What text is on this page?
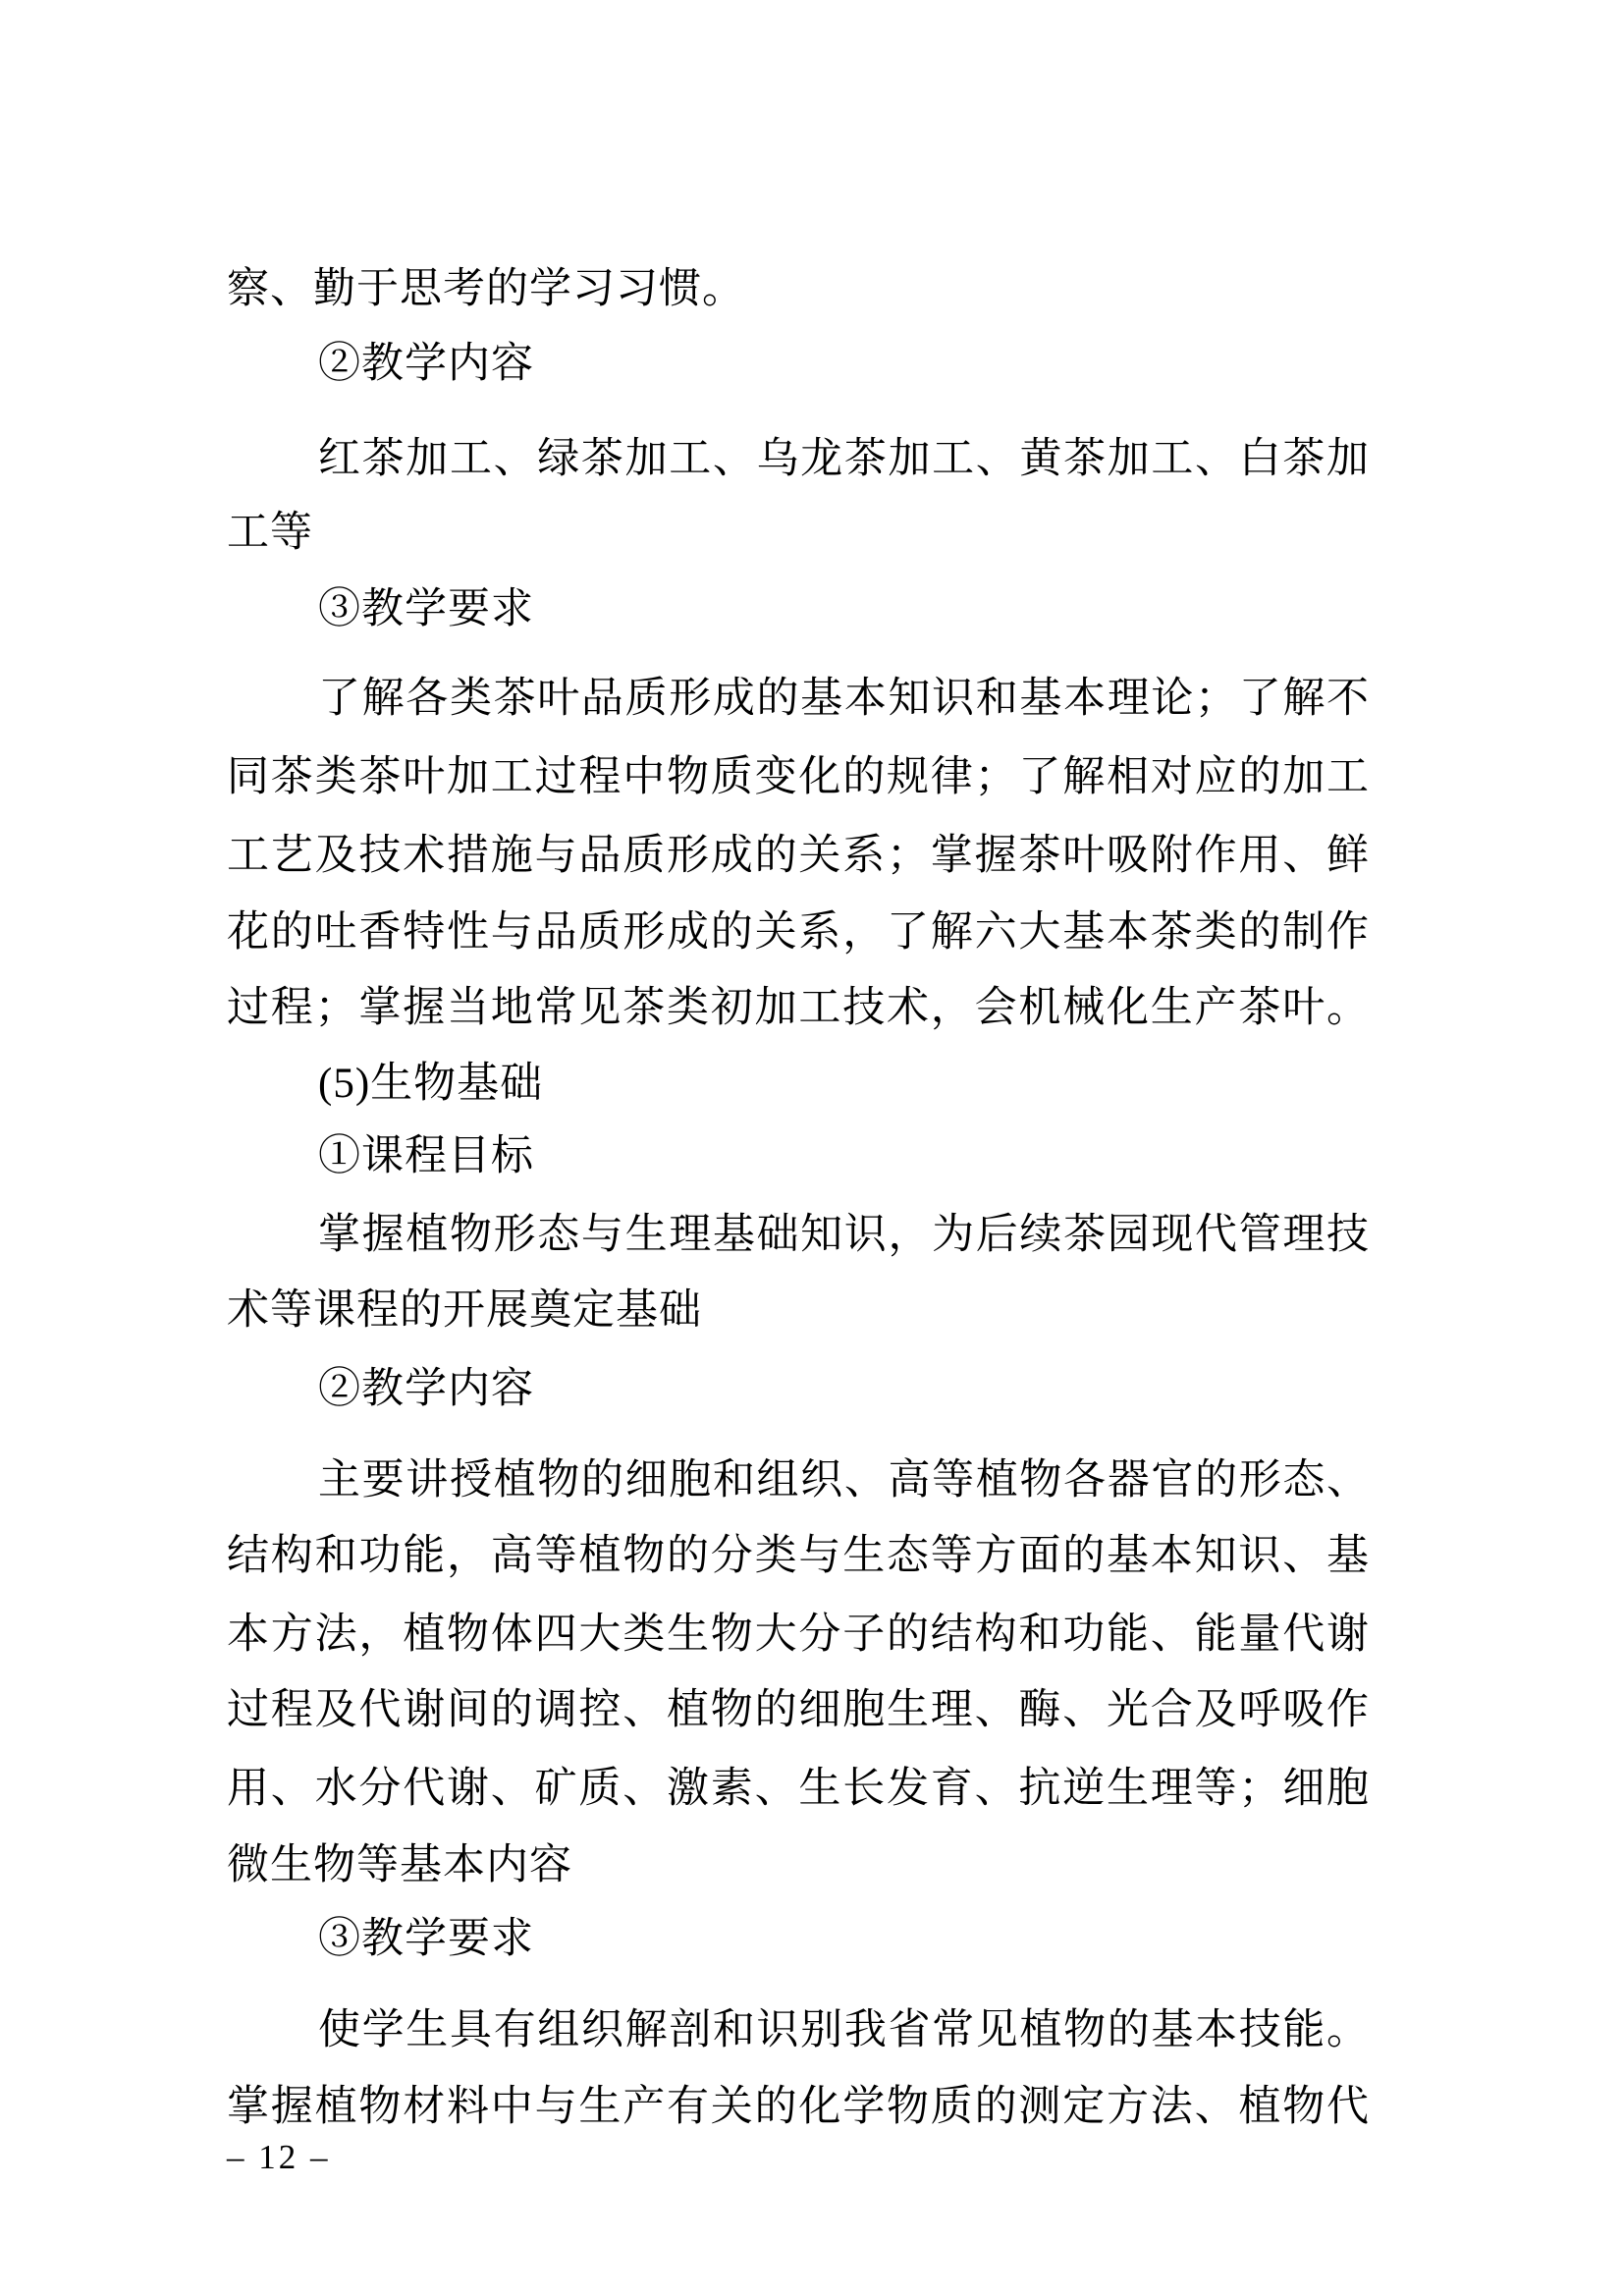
察、勤于思考的学习习惯。

②教学内容

红茶加工、绿茶加工、乌龙茶加工、黄茶加工、白茶加

工等

③教学要求

了解各类茶叶品质形成的基本知识和基本理论；了解不

同茶类茶叶加工过程中物质变化的规律；了解相对应的加工

工艺及技术措施与品质形成的关系；掌握茶叶吸附作用、鲜

花的吐香特性与品质形成的关系，了解六大基本茶类的制作

过程；掌握当地常见茶类初加工技术，会机械化生产茶叶。

(5)生物基础

①课程目标

掌握植物形态与生理基础知识，为后续茶园现代管理技

术等课程的开展奠定基础

②教学内容

主要讲授植物的细胞和组织、高等植物各器官的形态、

结构和功能，高等植物的分类与生态等方面的基本知识、基

本方法，植物体四大类生物大分子的结构和功能、能量代谢

过程及代谢间的调控、植物的细胞生理、酶、光合及呼吸作

用、水分代谢、矿质、激素、生长发育、抗逆生理等；细胞

微生物等基本内容

③教学要求

使学生具有组织解剖和识别我省常见植物的基本技能。

掌握植物材料中与生产有关的化学物质的测定方法、植物代

– 12 –
